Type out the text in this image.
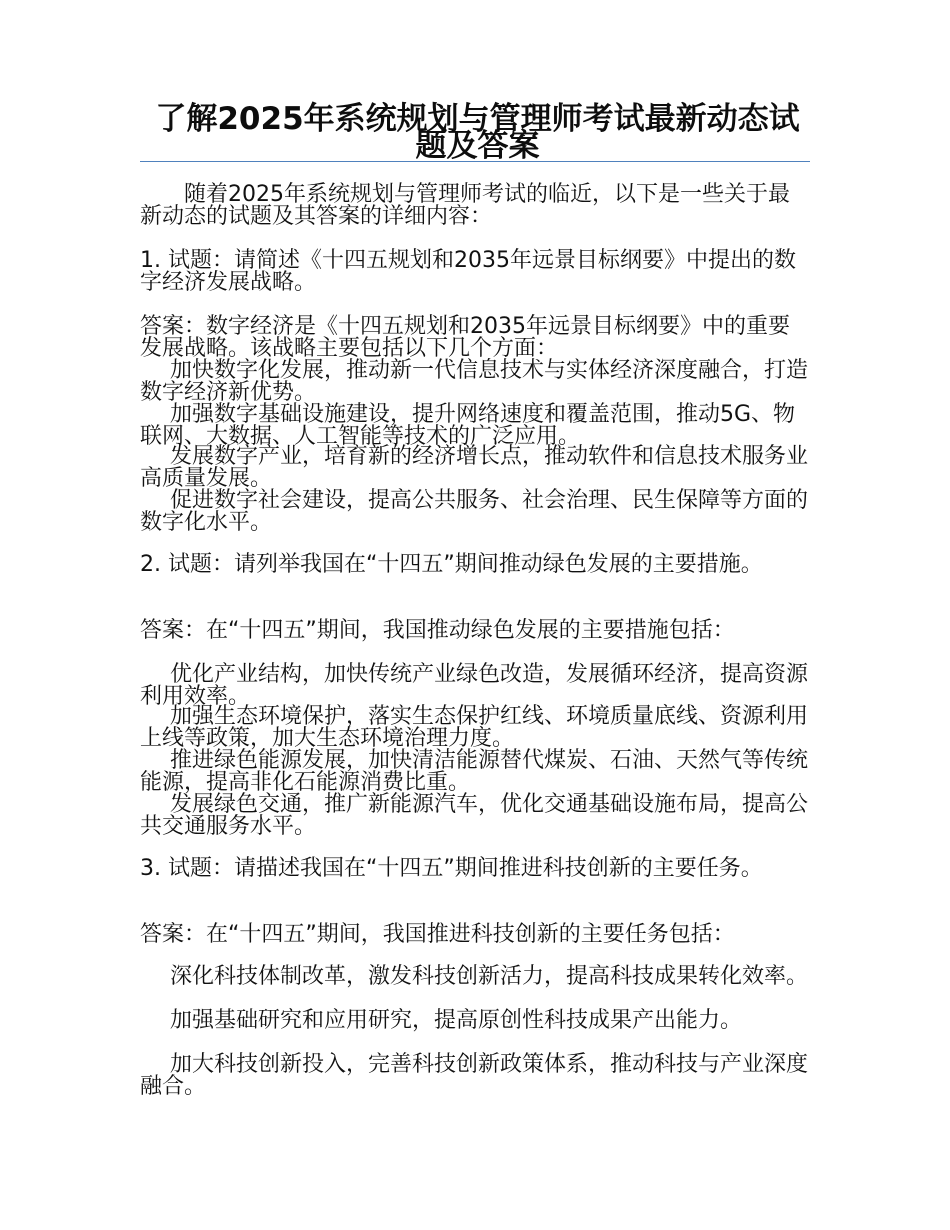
了解2025年系统规划与管理师考试最新动态试题及答案

随着2025年系统规划与管理师考试的临近，以下是一些关于最新动态的试题及其答案的详细内容：

1. 试题：请简述《十四五规划和2035年远景目标纲要》中提出的数字经济发展战略。

答案：数字经济是《十四五规划和2035年远景目标纲要》中的重要发展战略。该战略主要包括以下几个方面：

加快数字化发展，推动新一代信息技术与实体经济深度融合，打造数字经济新优势。

加强数字基础设施建设，提升网络速度和覆盖范围，推动5G、物联网、大数据、人工智能等技术的广泛应用。

发展数字产业，培育新的经济增长点，推动软件和信息技术服务业高质量发展。

促进数字社会建设，提高公共服务、社会治理、民生保障等方面的数字化水平。

2. 试题：请列举我国在“十四五”期间推动绿色发展的主要措施。

答案：在“十四五”期间，我国推动绿色发展的主要措施包括：

优化产业结构，加快传统产业绿色改造，发展循环经济，提高资源利用效率。

加强生态环境保护，落实生态保护红线、环境质量底线、资源利用上线等政策，加大生态环境治理力度。

推进绿色能源发展，加快清洁能源替代煤炭、石油、天然气等传统能源，提高非化石能源消费比重。

发展绿色交通，推广新能源汽车，优化交通基础设施布局，提高公共交通服务水平。

3. 试题：请描述我国在“十四五”期间推进科技创新的主要任务。

答案：在“十四五”期间，我国推进科技创新的主要任务包括：

深化科技体制改革，激发科技创新活力，提高科技成果转化效率。

加强基础研究和应用研究，提高原创性科技成果产出能力。

加大科技创新投入，完善科技创新政策体系，推动科技与产业深度融合。
